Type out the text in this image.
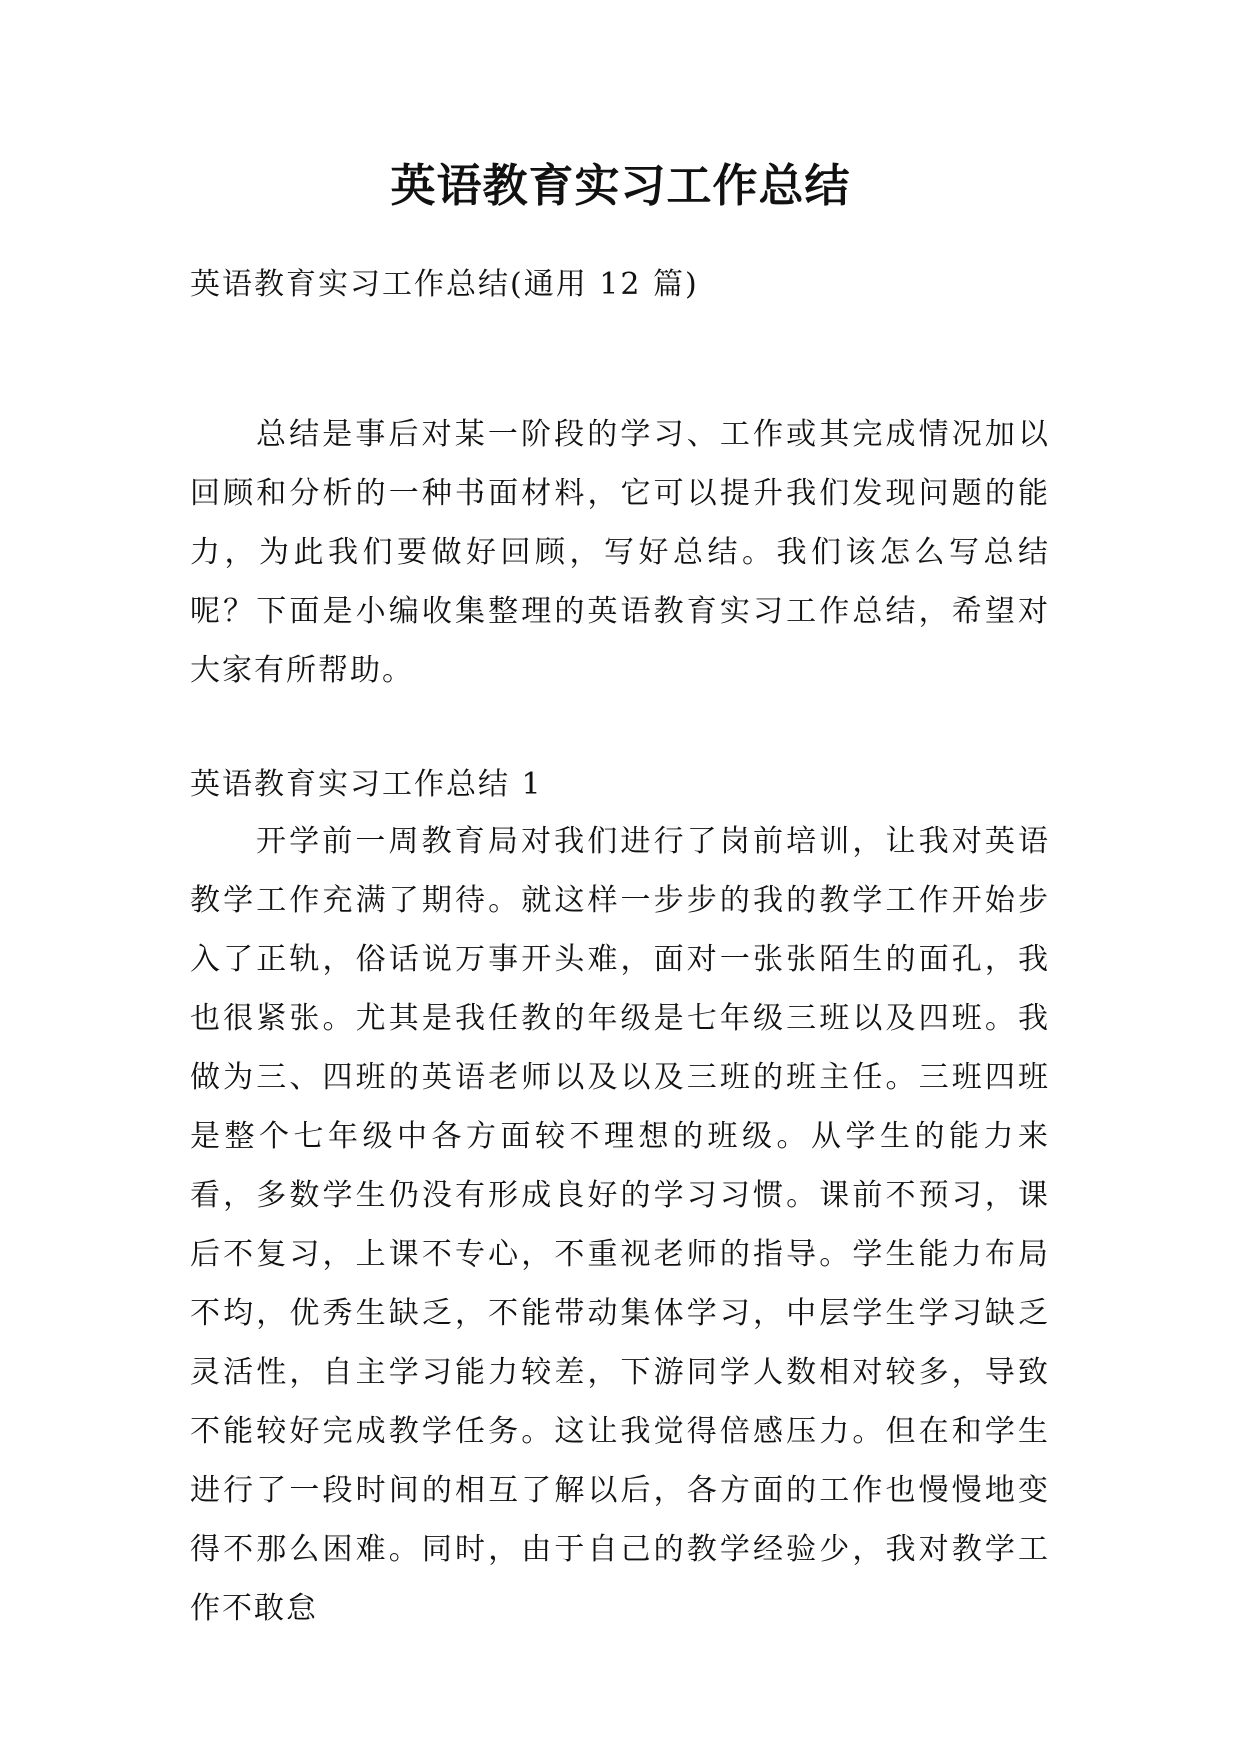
英语教育实习工作总结
英语教育实习工作总结(通用 12 篇)

总结是事后对某一阶段的学习、工作或其完成情况加以回顾和分析的一种书面材料，它可以提升我们发现问题的能力，为此我们要做好回顾，写好总结。我们该怎么写总结呢？下面是小编收集整理的英语教育实习工作总结，希望对大家有所帮助。

英语教育实习工作总结 1

开学前一周教育局对我们进行了岗前培训，让我对英语教学工作充满了期待。就这样一步步的我的教学工作开始步入了正轨，俗话说万事开头难，面对一张张陌生的面孔，我也很紧张。尤其是我任教的年级是七年级三班以及四班。我做为三、四班的英语老师以及以及三班的班主任。三班四班是整个七年级中各方面较不理想的班级。从学生的能力来看，多数学生仍没有形成良好的学习习惯。课前不预习，课后不复习，上课不专心，不重视老师的指导。学生能力布局不均，优秀生缺乏，不能带动集体学习，中层学生学习缺乏灵活性，自主学习能力较差，下游同学人数相对较多，导致不能较好完成教学任务。这让我觉得倍感压力。但在和学生进行了一段时间的相互了解以后，各方面的工作也慢慢地变得不那么困难。同时，由于自己的教学经验少，我对教学工作不敢怠
